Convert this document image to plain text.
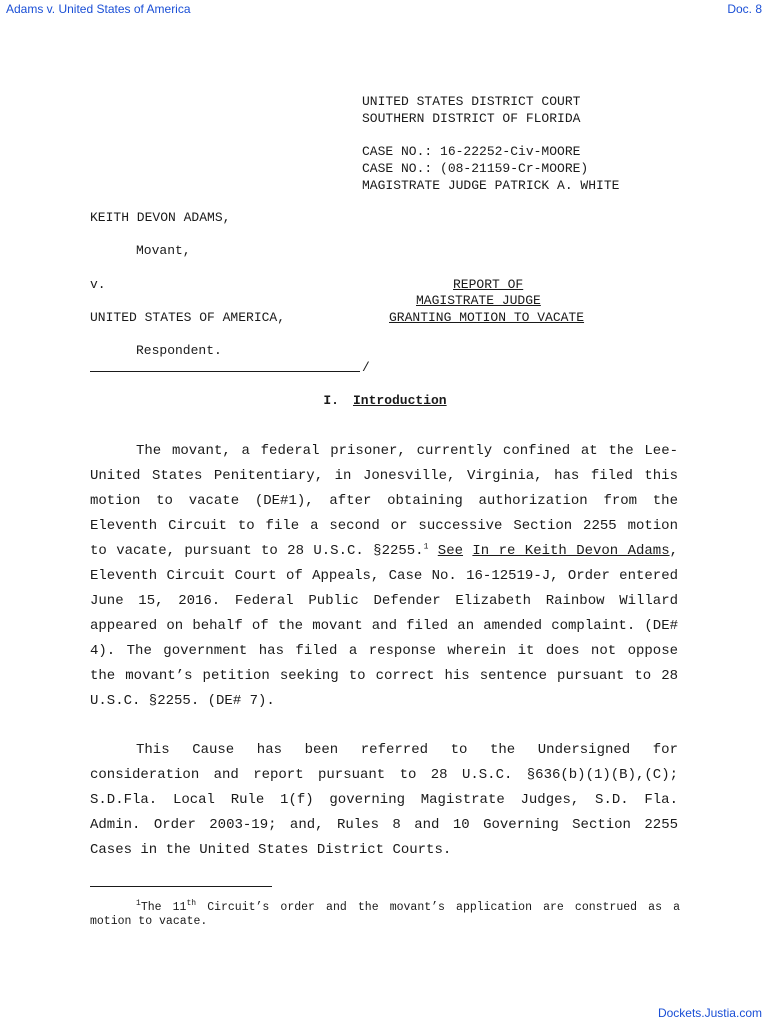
Adams v. United States of America	Doc. 8
UNITED STATES DISTRICT COURT
SOUTHERN DISTRICT OF FLORIDA
CASE NO.: 16-22252-Civ-MOORE
CASE NO.: (08-21159-Cr-MOORE)
MAGISTRATE JUDGE PATRICK A. WHITE
KEITH DEVON ADAMS,
Movant,
v.
UNITED STATES OF AMERICA,
Respondent.
/
REPORT OF
MAGISTRATE JUDGE
GRANTING MOTION TO VACATE
I. Introduction

The movant, a federal prisoner, currently confined at the Lee-United States Penitentiary, in Jonesville, Virginia, has filed this motion to vacate (DE#1), after obtaining authorization from the Eleventh Circuit to file a second or successive Section 2255 motion to vacate, pursuant to 28 U.S.C. §2255.$^1$ See In re Keith Devon Adams, Eleventh Circuit Court of Appeals, Case No. 16-12519-J, Order entered June 15, 2016. Federal Public Defender Elizabeth Rainbow Willard appeared on behalf of the movant and filed an amended complaint. (DE# 4). The government has filed a response wherein it does not oppose the movant’s petition seeking to correct his sentence pursuant to 28 U.S.C. §2255. (DE# 7).

This Cause has been referred to the Undersigned for consideration and report pursuant to 28 U.S.C. §636(b)(1)(B),(C); S.D.Fla. Local Rule 1(f) governing Magistrate Judges, S.D. Fla. Admin. Order 2003-19; and, Rules 8 and 10 Governing Section 2255 Cases in the United States District Courts.

$^1$The 11th Circuit’s order and the movant’s application are construed as a motion to vacate.

Dockets.Justia.com
